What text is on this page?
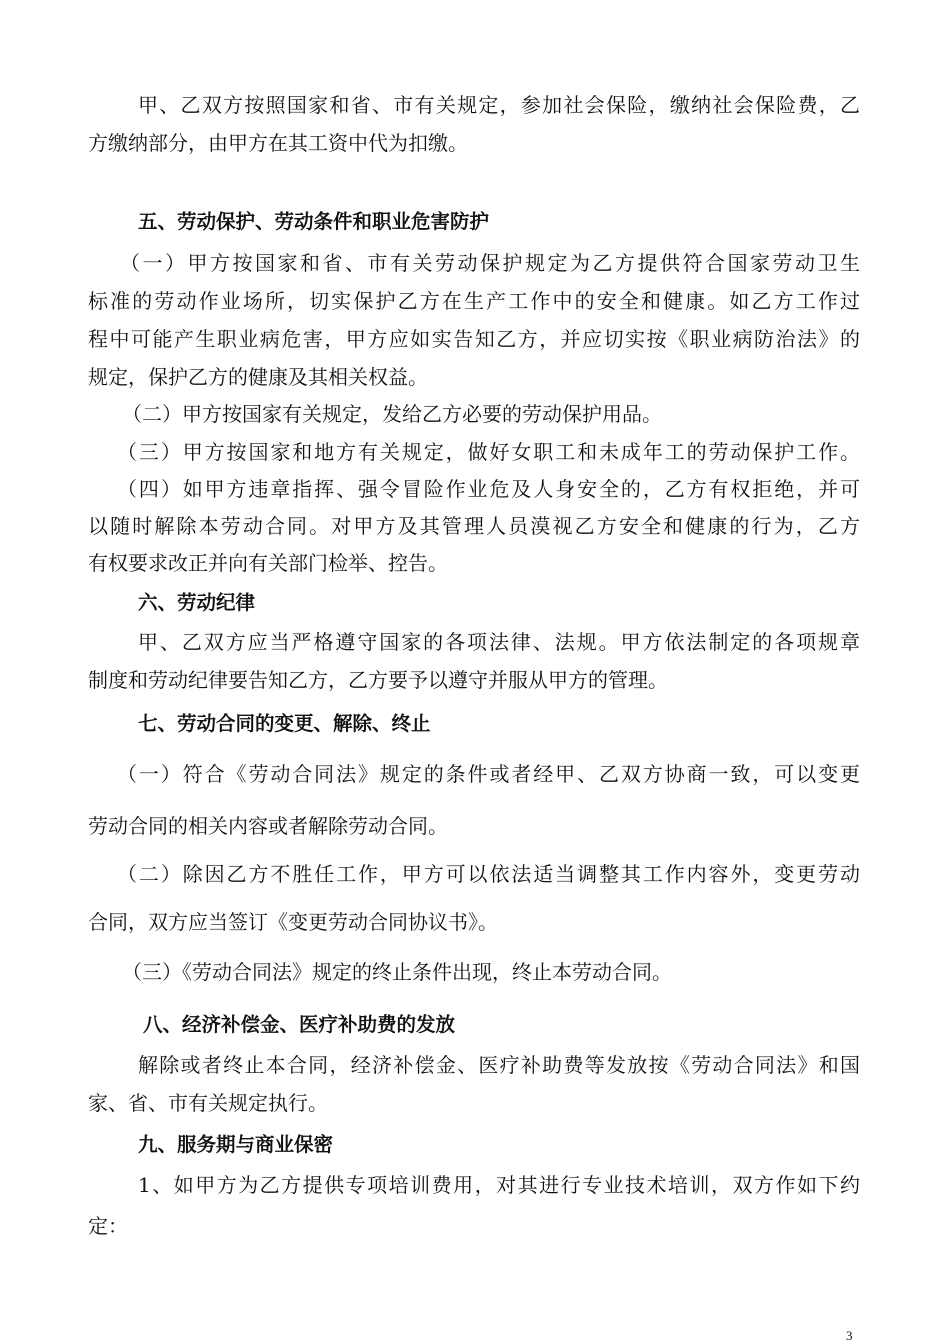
甲、乙双方按照国家和省、市有关规定，参加社会保险，缴纳社会保险费，乙
方缴纳部分，由甲方在其工资中代为扣缴。
五、劳动保护、劳动条件和职业危害防护
（一）甲方按国家和省、市有关劳动保护规定为乙方提供符合国家劳动卫生
标准的劳动作业场所，切实保护乙方在生产工作中的安全和健康。如乙方工作过
程中可能产生职业病危害，甲方应如实告知乙方，并应切实按《职业病防治法》的
规定，保护乙方的健康及其相关权益。
（二）甲方按国家有关规定，发给乙方必要的劳动保护用品。
（三）甲方按国家和地方有关规定，做好女职工和未成年工的劳动保护工作。
（四）如甲方违章指挥、强令冒险作业危及人身安全的，乙方有权拒绝，并可
以随时解除本劳动合同。对甲方及其管理人员漠视乙方安全和健康的行为，乙方
有权要求改正并向有关部门检举、控告。
六、劳动纪律
甲、乙双方应当严格遵守国家的各项法律、法规。甲方依法制定的各项规章
制度和劳动纪律要告知乙方，乙方要予以遵守并服从甲方的管理。
七、劳动合同的变更、解除、终止
（一）符合《劳动合同法》规定的条件或者经甲、乙双方协商一致，可以变更
劳动合同的相关内容或者解除劳动合同。
（二）除因乙方不胜任工作，甲方可以依法适当调整其工作内容外，变更劳动
合同，双方应当签订《变更劳动合同协议书》。
（三）《劳动合同法》规定的终止条件出现，终止本劳动合同。
八、经济补偿金、医疗补助费的发放
解除或者终止本合同，经济补偿金、医疗补助费等发放按《劳动合同法》和国
家、省、市有关规定执行。
九、服务期与商业保密
1、如甲方为乙方提供专项培训费用，对其进行专业技术培训，双方作如下约
定：
3
